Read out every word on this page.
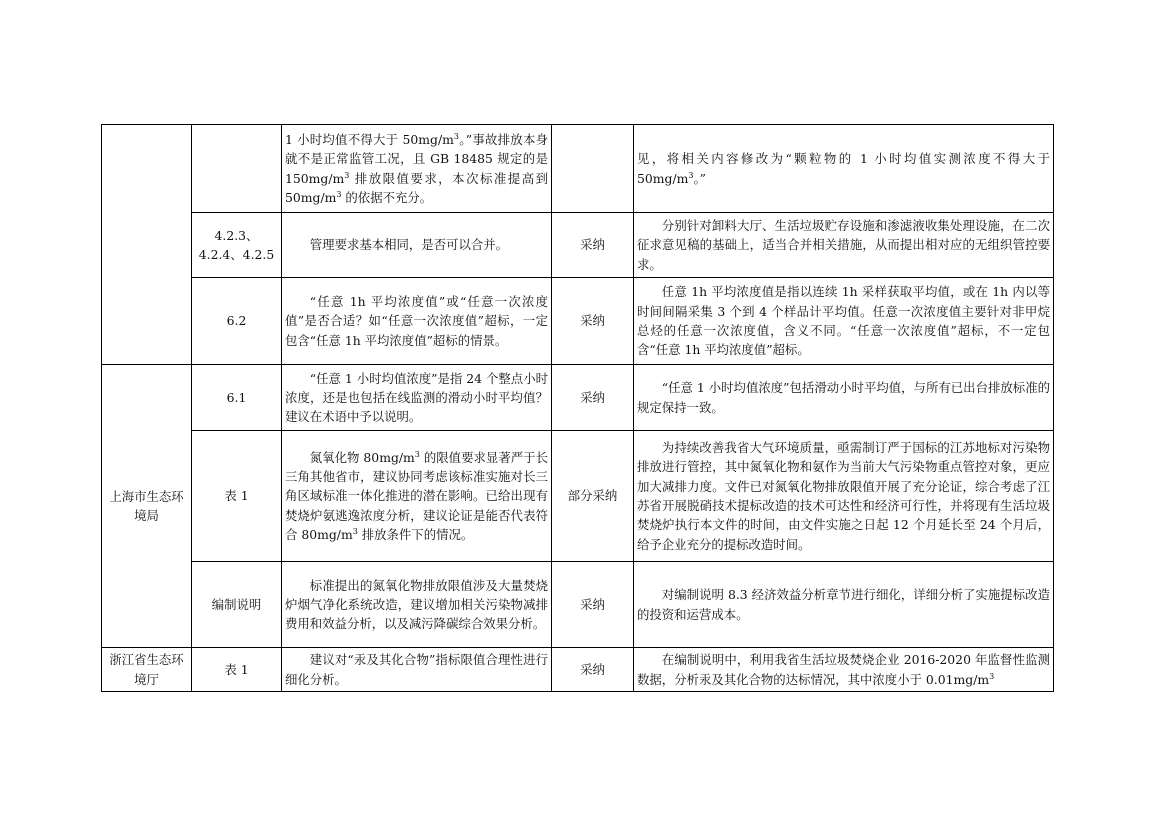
		1 小时均值不得大于 $50mg/m^3$。”事故排放本身就不是正常监管工况，且 GB 18485 规定的是 $150mg/m^3$ 排放限值要求，本次标准提高到 $50mg/m^3$ 的依据不充分。		见，将相关内容修改为“颗粒物的 1 小时均值实测浓度不得大于 $50mg/m^3$。”
	4.2.3、4.2.4、4.2.5	管理要求基本相同，是否可以合并。	采纳	分别针对卸料大厅、生活垃圾贮存设施和渗滤液收集处理设施，在二次征求意见稿的基础上，适当合并相关措施，从而提出相对应的无组织管控要求。
	6.2	“任意 1h 平均浓度值”或“任意一次浓度值”是否合适？如“任意一次浓度值”超标，一定包含“任意 1h 平均浓度值”超标的情景。	采纳	任意 1h 平均浓度值是指以连续 1h 采样获取平均值，或在 1h 内以等时间间隔采集 3 个到 4 个样品计平均值。任意一次浓度值主要针对非甲烷总烃的任意一次浓度值，含义不同。“任意一次浓度值”超标，不一定包含“任意 1h 平均浓度值”超标。
上海市生态环境局	6.1	“任意 1 小时均值浓度”是指 24 个整点小时浓度，还是也包括在线监测的滑动小时平均值？建议在术语中予以说明。	采纳	“任意 1 小时均值浓度”包括滑动小时平均值，与所有已出台排放标准的规定保持一致。
	表 1	氮氧化物 $80mg/m^3$ 的限值要求显著严于长三角其他省市，建议协同考虑该标准实施对长三角区域标准一体化推进的潜在影响。已给出现有焚烧炉氨逃逸浓度分析，建议论证是能否代表符合 $80mg/m^3$ 排放条件下的情况。	部分采纳	为持续改善我省大气环境质量，亟需制订严于国标的江苏地标对污染物排放进行管控，其中氮氧化物和氨作为当前大气污染物重点管控对象，更应加大减排力度。文件已对氮氧化物排放限值开展了充分论证，综合考虑了江苏省开展脱硝技术提标改造的技术可达性和经济可行性，并将现有生活垃圾焚烧炉执行本文件的时间，由文件实施之日起 12 个月延长至 24 个月后，给予企业充分的提标改造时间。
	编制说明	标准提出的氮氧化物排放限值涉及大量焚烧炉烟气净化系统改造，建议增加相关污染物减排费用和效益分析，以及减污降碳综合效果分析。	采纳	对编制说明 8.3 经济效益分析章节进行细化，详细分析了实施提标改造的投资和运营成本。
浙江省生态环境厅	表 1	建议对“汞及其化合物”指标限值合理性进行细化分析。	采纳	在编制说明中，利用我省生活垃圾焚烧企业 2016-2020 年监督性监测数据，分析汞及其化合物的达标情况，其中浓度小于 $0.01mg/m^3$
